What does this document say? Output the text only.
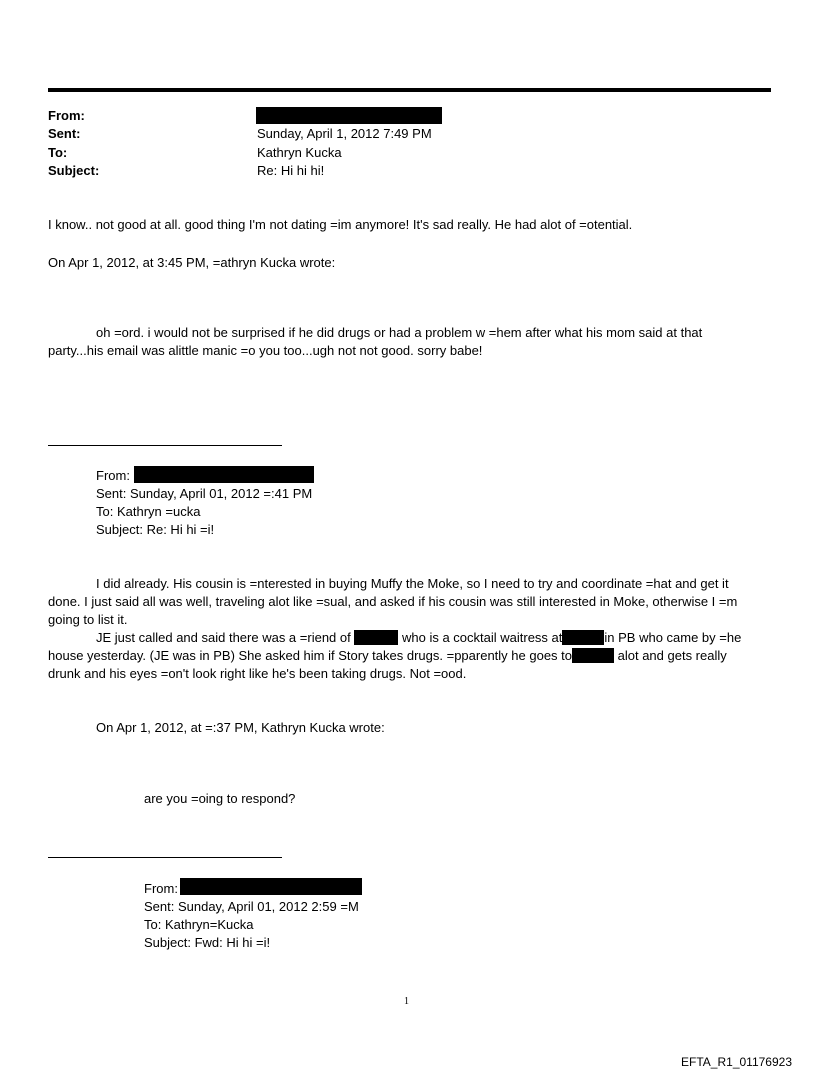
From:
Sent:	Sunday, April 1, 2012 7:49 PM
To:	Kathryn Kucka
Subject:	Re: Hi hi hi!
I know.. not good at all. good thing I'm not dating =im anymore! It's sad really. He had alot of =otential.
On Apr 1, 2012, at 3:45 PM, =athryn Kucka wrote:
oh =ord. i would not be surprised if he did drugs or had a problem w =hem after what his mom said at that
party...his email was alittle manic =o you too...ugh not not good. sorry babe!
From:
Sent: Sunday, April 01, 2012 =:41 PM
To: Kathryn =ucka
Subject: Re: Hi hi =i!
I did already. His cousin is =nterested in buying Muffy the Moke, so I need to try and coordinate =hat and get it
done. I just said all was well, traveling alot like =sual, and asked if his cousin was still interested in Moke, otherwise I =m
going to list it.
JE just called and said there was a =riend of	who is a cocktail waitress at	in PB who came by =he
house yesterday. (JE was in PB) She asked him if Story takes drugs. =pparently he goes to	alot and gets really
drunk and his eyes =on't look right like he's been taking drugs. Not =ood.
On Apr 1, 2012, at =:37 PM, Kathryn Kucka wrote:
are you =oing to respond?
From:
Sent: Sunday, April 01, 2012 2:59 =M
To: Kathryn=Kucka
Subject: Fwd: Hi hi =i!
1
EFTA_R1_01176923
